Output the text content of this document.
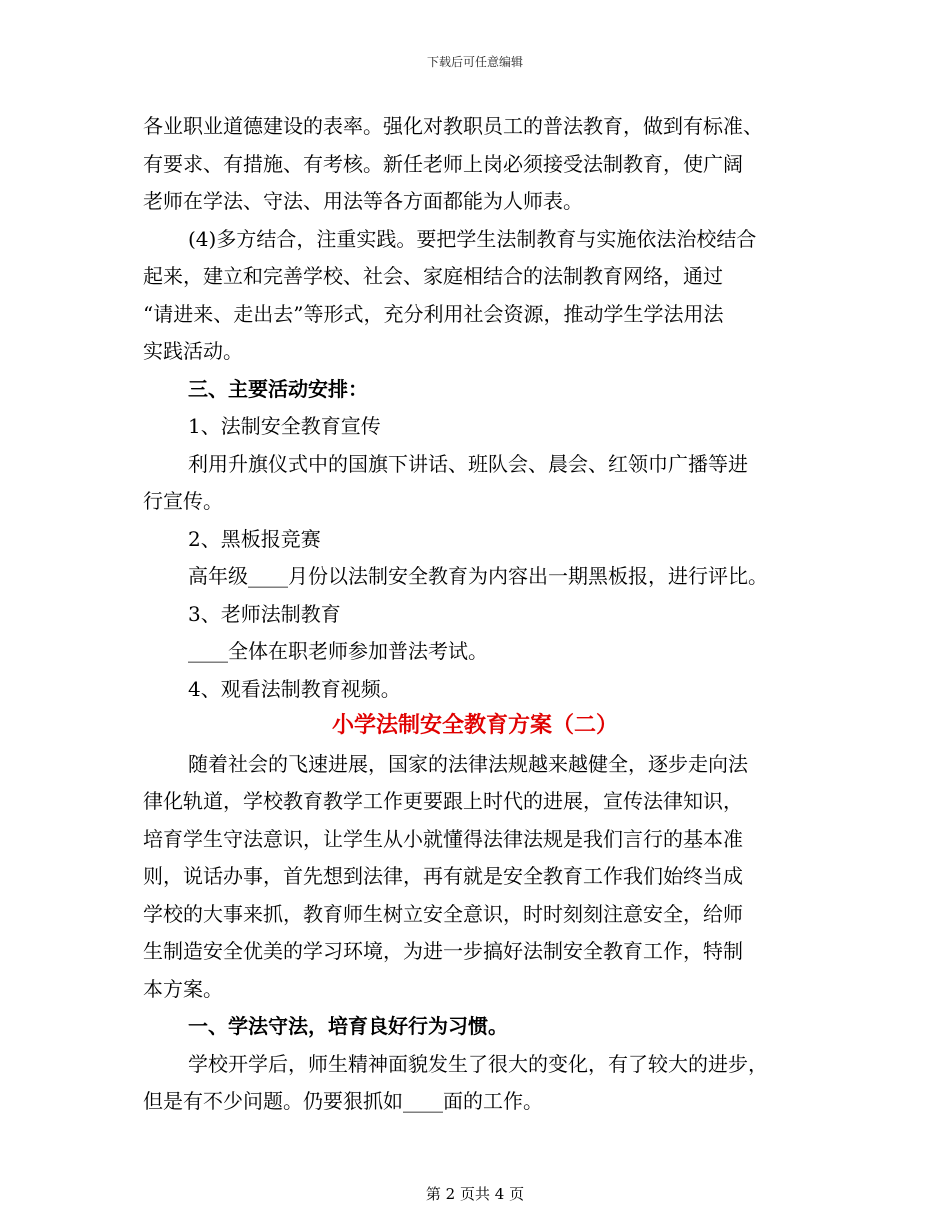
下载后可任意编辑

各业职业道德建设的表率。强化对教职员工的普法教育，做到有标准、

有要求、有措施、有考核。新任老师上岗必须接受法制教育，使广阔

老师在学法、守法、用法等各方面都能为人师表。

(4)多方结合，注重实践。要把学生法制教育与实施依法治校结合

起来，建立和完善学校、社会、家庭相结合的法制教育网络，通过

“请进来、走出去”等形式，充分利用社会资源，推动学生学法用法

实践活动。

三、主要活动安排：

1、法制安全教育宣传

利用升旗仪式中的国旗下讲话、班队会、晨会、红领巾广播等进

行宣传。

2、黑板报竞赛

高年级____月份以法制安全教育为内容出一期黑板报，进行评比。

3、老师法制教育

____全体在职老师参加普法考试。

4、观看法制教育视频。

小学法制安全教育方案（二）

随着社会的飞速进展，国家的法律法规越来越健全，逐步走向法

律化轨道，学校教育教学工作更要跟上时代的进展，宣传法律知识，

培育学生守法意识，让学生从小就懂得法律法规是我们言行的基本准

则，说话办事，首先想到法律，再有就是安全教育工作我们始终当成

学校的大事来抓，教育师生树立安全意识，时时刻刻注意安全，给师

生制造安全优美的学习环境，为进一步搞好法制安全教育工作，特制

本方案。

一、学法守法，培育良好行为习惯。

学校开学后，师生精神面貌发生了很大的变化，有了较大的进步，

但是有不少问题。仍要狠抓如____面的工作。

第 2 页共 4 页
